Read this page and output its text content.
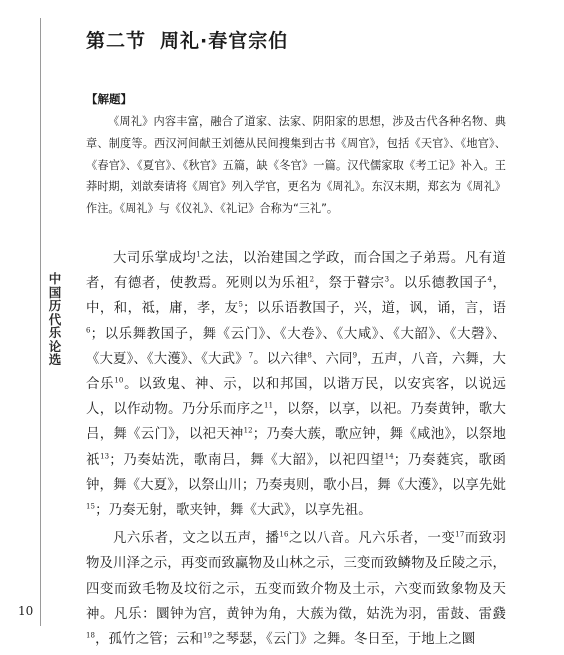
中国历代乐论选
10
第二节 周礼·春官宗伯
【解题】

《周礼》内容丰富，融合了道家、法家、阴阳家的思想，涉及古代各种名物、典章、制度等。西汉河间献王刘德从民间搜集到古书《周官》，包括《天官》、《地官》、《春官》、《夏官》、《秋官》五篇，缺《冬官》一篇。汉代儒家取《考工记》补入。王莽时期，刘歆奏请将《周官》列入学官，更名为《周礼》。东汉末期，郑玄为《周礼》作注。《周礼》与《仪礼》、《礼记》合称为“三礼”。

大司乐掌成均$^1$之法，以治建国之学政，而合国之子弟焉。凡有道者，有德者，使教焉。死则以为乐祖$^2$，祭于瞽宗$^3$。以乐德教国子$^4$，中，和，祗，庸，孝，友$^5$；以乐语教国子，兴，道，讽，诵，言，语$^6$；以乐舞教国子，舞《云门》、《大卷》、《大咸》、《大韶》、《大磬》、《大夏》、《大濩》、《大武》$^7$。以六律$^8$、六同$^9$，五声，八音，六舞，大合乐$^{10}$。以致鬼、神、示，以和邦国，以谐万民，以安宾客，以说远人，以作动物。乃分乐而序之$^{11}$，以祭，以享，以祀。乃奏黄钟，歌大吕，舞《云门》，以祀天神$^{12}$；乃奏大蔟，歌应钟，舞《咸池》，以祭地祇$^{13}$；乃奏姑洗，歌南吕，舞《大韶》，以祀四望$^{14}$；乃奏蕤宾，歌函钟，舞《大夏》，以祭山川；乃奏夷则，歌小吕，舞《大濩》，以享先妣$^{15}$；乃奏无射，歌夹钟，舞《大武》，以享先祖。

凡六乐者，文之以五声，播$^{16}$之以八音。凡六乐者，一变$^{17}$而致羽物及川泽之示，再变而致赢物及山林之示，三变而致鳞物及丘陵之示，四变而致毛物及坟衍之示，五变而致介物及土示，六变而致象物及天神。凡乐：圜钟为宫，黄钟为角，大蔟为徵，姑洗为羽，雷鼓、雷鼗$^{18}$，孤竹之管；云和$^{19}$之琴瑟，《云门》之舞。冬日至，于地上之圜
